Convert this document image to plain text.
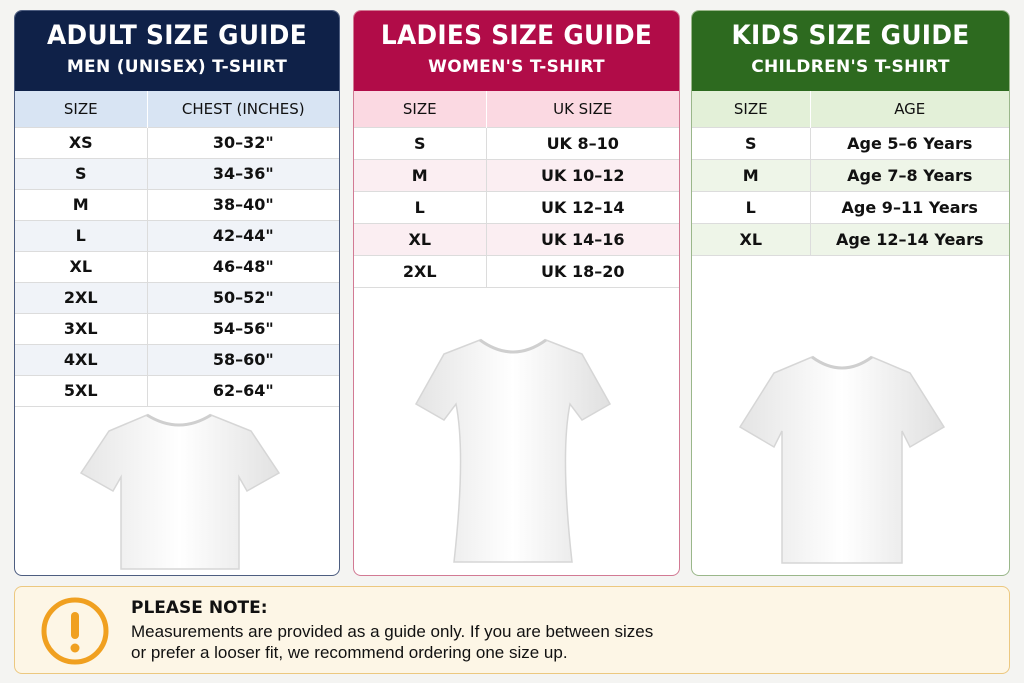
ADULT SIZE GUIDE
MEN (UNISEX) T-SHIRT
SIZE	CHEST (INCHES)
XS	30–32"
S	34–36"
M	38–40"
L	42–44"
XL	46–48"
2XL	50–52"
3XL	54–56"
4XL	58–60"
5XL	62–64"
LADIES SIZE GUIDE
WOMEN'S T-SHIRT
SIZE	UK SIZE
S	UK 8–10
M	UK 10–12
L	UK 12–14
XL	UK 14–16
2XL	UK 18–20
KIDS SIZE GUIDE
CHILDREN'S T-SHIRT
SIZE	AGE
S	Age 5–6 Years
M	Age 7–8 Years
L	Age 9–11 Years
XL	Age 12–14 Years
PLEASE NOTE:
Measurements are provided as a guide only. If you are between sizes
or prefer a looser fit, we recommend ordering one size up.
